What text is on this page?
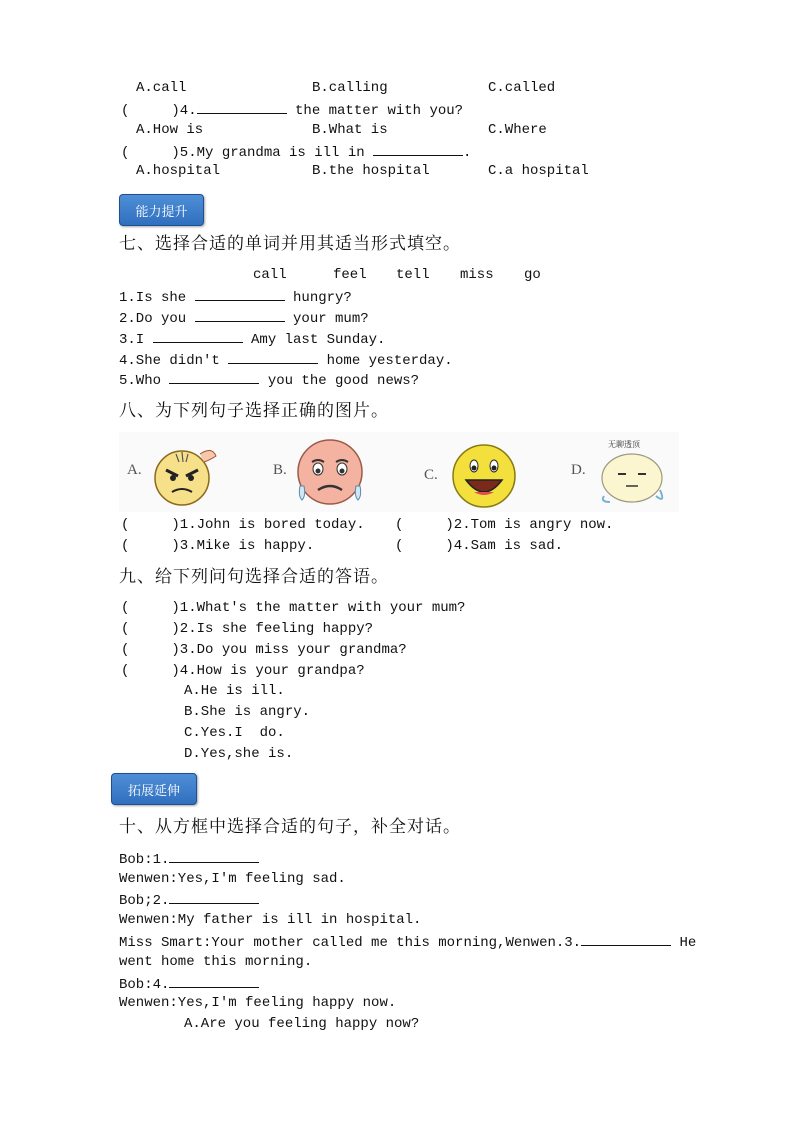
A.call	B.calling	C.called
(     )4.	the matter with you?
A.How is	B.What is	C.Where
(     )5.My grandma is ill in	.
A.hospital	B.the hospital	C.a hospital
能力提升
七、选择合适的单词并用其适当形式填空。
call	feel tell miss go
1.Is she	hungry?
2.Do you	your mum?
3.I	Amy last Sunday.
4.She didn't	home yesterday.
5.Who	you the good news?
八、为下列句子选择正确的图片。
A.	B.	C.	D.
无聊透顶
(     )1.John is bored today. (     )2.Tom is angry now.
(     )3.Mike is happy.	(     )4.Sam is sad.
九、给下列问句选择合适的答语。
(     )1.What's the matter with your mum?
(     )2.Is she feeling happy?
(     )3.Do you miss your grandma?
(     )4.How is your grandpa?
A.He is ill.
B.She is angry.
C.Yes.I  do.
D.Yes,she is.
拓展延伸
十、从方框中选择合适的句子，补全对话。
Bob:1.
Wenwen:Yes,I'm feeling sad.
Bob;2.
Wenwen:My father is ill in hospital.
Miss Smart:Your mother called me this morning,Wenwen.3.	He
went home this morning.
Bob:4.
Wenwen:Yes,I'm feeling happy now.
A.Are you feeling happy now?
